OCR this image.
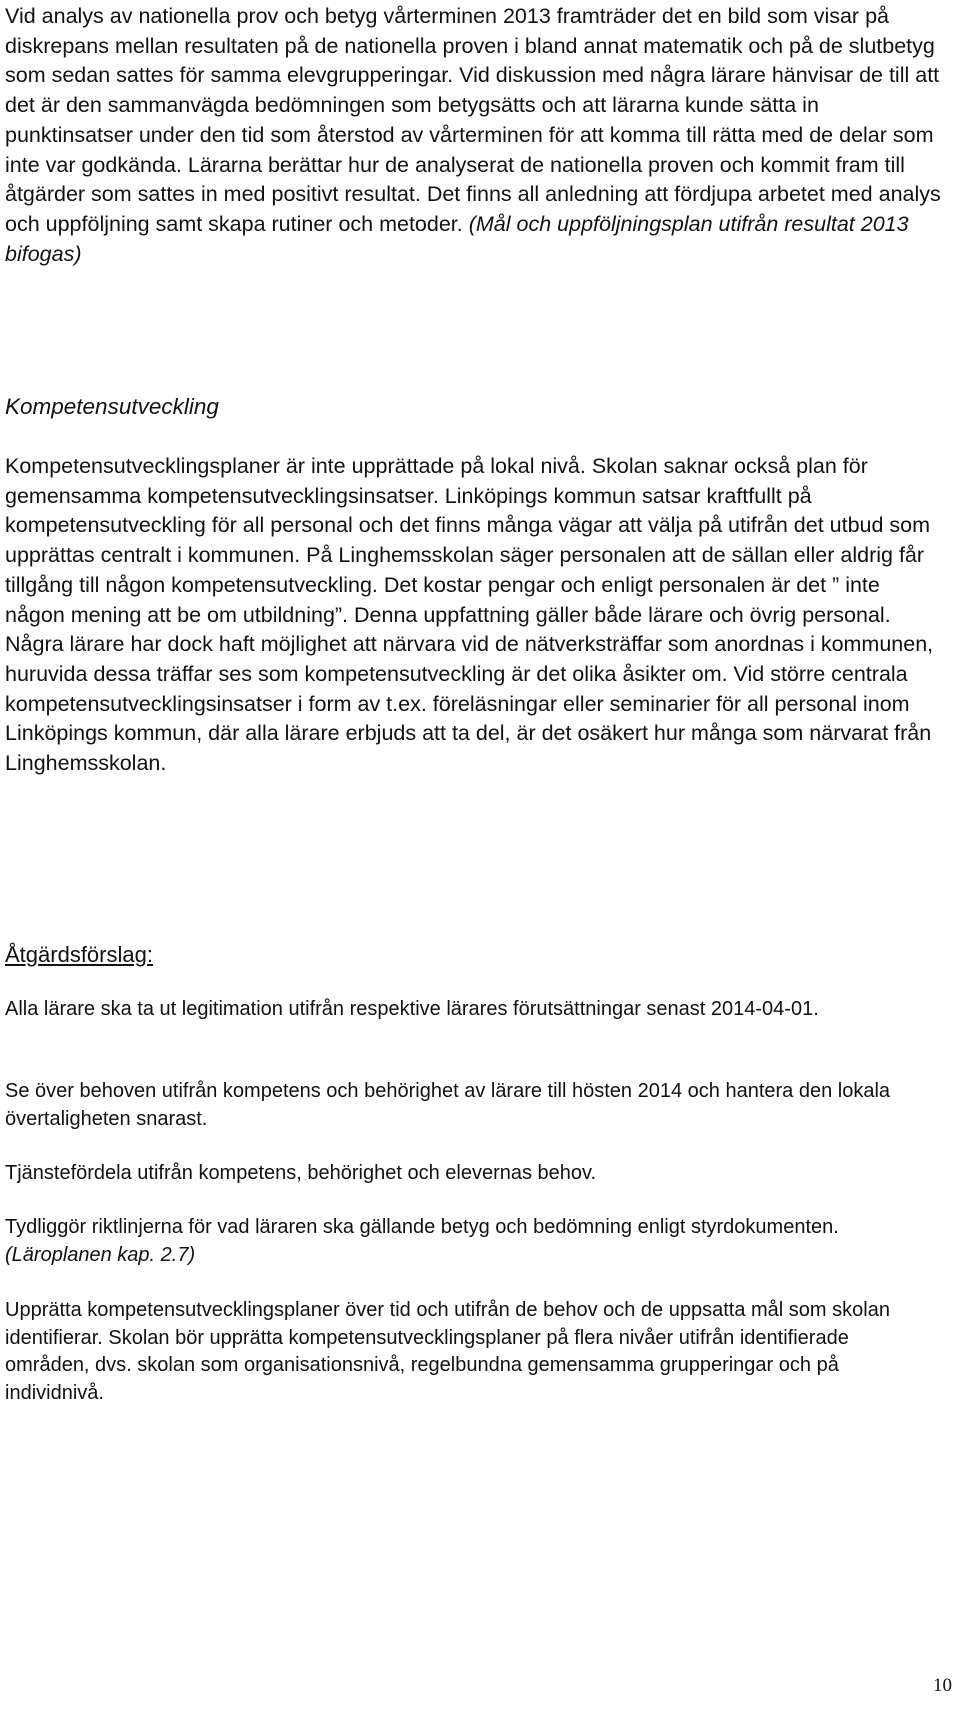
Vid analys av nationella prov och betyg vårterminen 2013 framträder det en bild som visar på diskrepans mellan resultaten på de nationella proven i bland annat matematik och på de slutbetyg som sedan sattes för samma elevgrupperingar. Vid diskussion med några lärare hänvisar de till att det är den sammanvägda bedömningen som betygsätts och att lärarna kunde sätta in punktinsatser under den tid som återstod av vårterminen för att komma till rätta med de delar som inte var godkända. Lärarna berättar hur de analyserat de nationella proven och kommit fram till åtgärder som sattes in med positivt resultat. Det finns all anledning att fördjupa arbetet med analys och uppföljning samt skapa rutiner och metoder. (Mål och uppföljningsplan utifrån resultat 2013 bifogas)

Kompetensutveckling

Kompetensutvecklingsplaner är inte upprättade på lokal nivå. Skolan saknar också plan för gemensamma kompetensutvecklingsinsatser. Linköpings kommun satsar kraftfullt på kompetensutveckling för all personal och det finns många vägar att välja på utifrån det utbud som upprättas centralt i kommunen. På Linghemsskolan säger personalen att de sällan eller aldrig får tillgång till någon kompetensutveckling. Det kostar pengar och enligt personalen är det ” inte någon mening att be om utbildning”. Denna uppfattning gäller både lärare och övrig personal. Några lärare har dock haft möjlighet att närvara vid de nätverksträffar som anordnas i kommunen, huruvida dessa träffar ses som kompetensutveckling är det olika åsikter om. Vid större centrala kompetensutvecklingsinsatser i form av t.ex. föreläsningar eller seminarier för all personal inom Linköpings kommun, där alla lärare erbjuds att ta del, är det osäkert hur många som närvarat från Linghemsskolan.

Åtgärdsförslag:

Alla lärare ska ta ut legitimation utifrån respektive lärares förutsättningar senast 2014-04-01.

Se över behoven utifrån kompetens och behörighet av lärare till hösten 2014 och hantera den lokala övertaligheten snarast.

Tjänstefördela utifrån kompetens, behörighet och elevernas behov.

Tydliggör riktlinjerna för vad läraren ska gällande betyg och bedömning enligt styrdokumenten. (Läroplanen kap. 2.7)

Upprätta kompetensutvecklingsplaner över tid och utifrån de behov och de uppsatta mål som skolan identifierar. Skolan bör upprätta kompetensutvecklingsplaner på flera nivåer utifrån identifierade områden, dvs. skolan som organisationsnivå, regelbundna gemensamma grupperingar och på individnivå.

10
